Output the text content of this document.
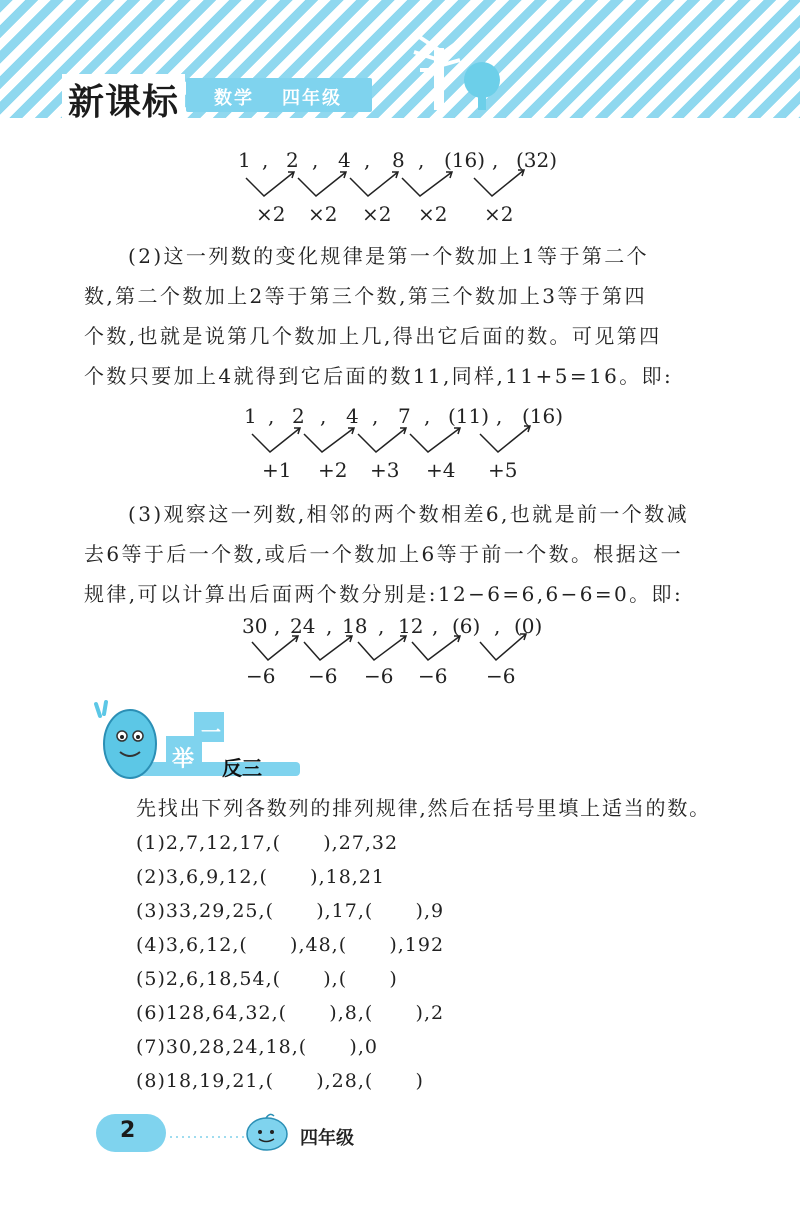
新课标	数学 四年级
1 , 2 , 4 , 8 , (16) , (32)
×2 ×2 ×2 ×2 ×2

(2)这一列数的变化规律是第一个数加上1等于第二个

数,第二个数加上2等于第三个数,第三个数加上3等于第四

个数,也就是说第几个数加上几,得出它后面的数。可见第四

个数只要加上4就得到它后面的数11,同样,11+5=16。即:

1 , 2 , 4 , 7 , (11) , (16)
+1 +2 +3 +4 +5

(3)观察这一列数,相邻的两个数相差6,也就是前一个数减

去6等于后一个数,或后一个数加上6等于前一个数。根据这一

规律,可以计算出后面两个数分别是:12−6=6,6−6=0。即:

30 , 24 , 18 , 12 , (6) , (0)
−6 −6 −6 −6 −6
一
举 反三
先找出下列各数列的排列规律,然后在括号里填上适当的数。
(1)2,7,12,17,(      ),27,32
(2)3,6,9,12,(      ),18,21
(3)33,29,25,(      ),17,(      ),9
(4)3,6,12,(      ),48,(      ),192
(5)2,6,18,54,(      ),(      )
(6)128,64,32,(      ),8,(      ),2
(7)30,28,24,18,(      ),0
(8)18,19,21,(      ),28,(      )
2	四年级
